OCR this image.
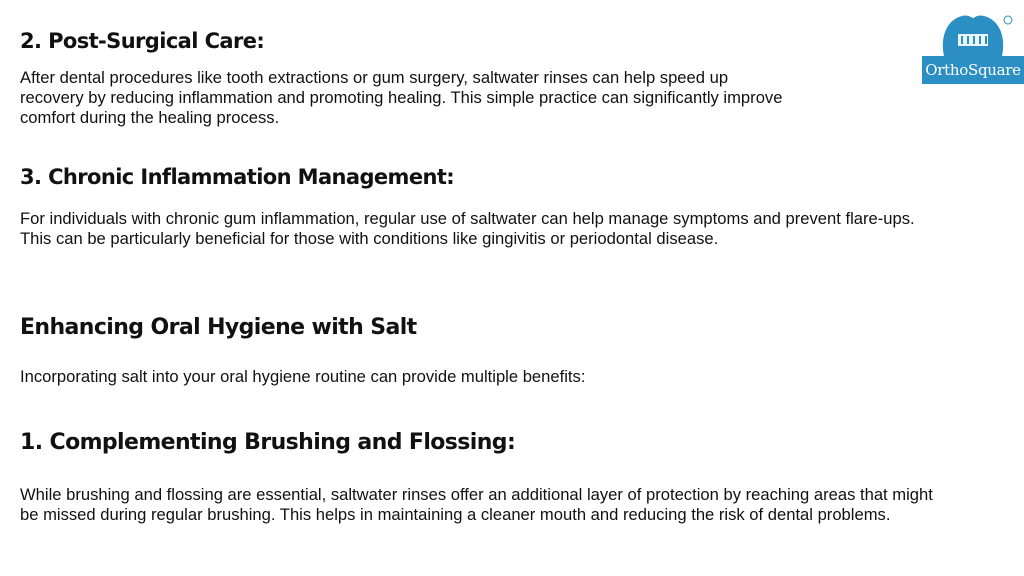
OrthoSquare
2. Post-Surgical Care:

After dental procedures like tooth extractions or gum surgery, saltwater rinses can help speed up recovery by reducing inflammation and promoting healing. This simple practice can significantly improve comfort during the healing process.

3. Chronic Inflammation Management:

For individuals with chronic gum inflammation, regular use of saltwater can help manage symptoms and prevent flare-ups. This can be particularly beneficial for those with conditions like gingivitis or periodontal disease.

Enhancing Oral Hygiene with Salt

Incorporating salt into your oral hygiene routine can provide multiple benefits:

1. Complementing Brushing and Flossing:

While brushing and flossing are essential, saltwater rinses offer an additional layer of protection by reaching areas that might be missed during regular brushing. This helps in maintaining a cleaner mouth and reducing the risk of dental problems.
